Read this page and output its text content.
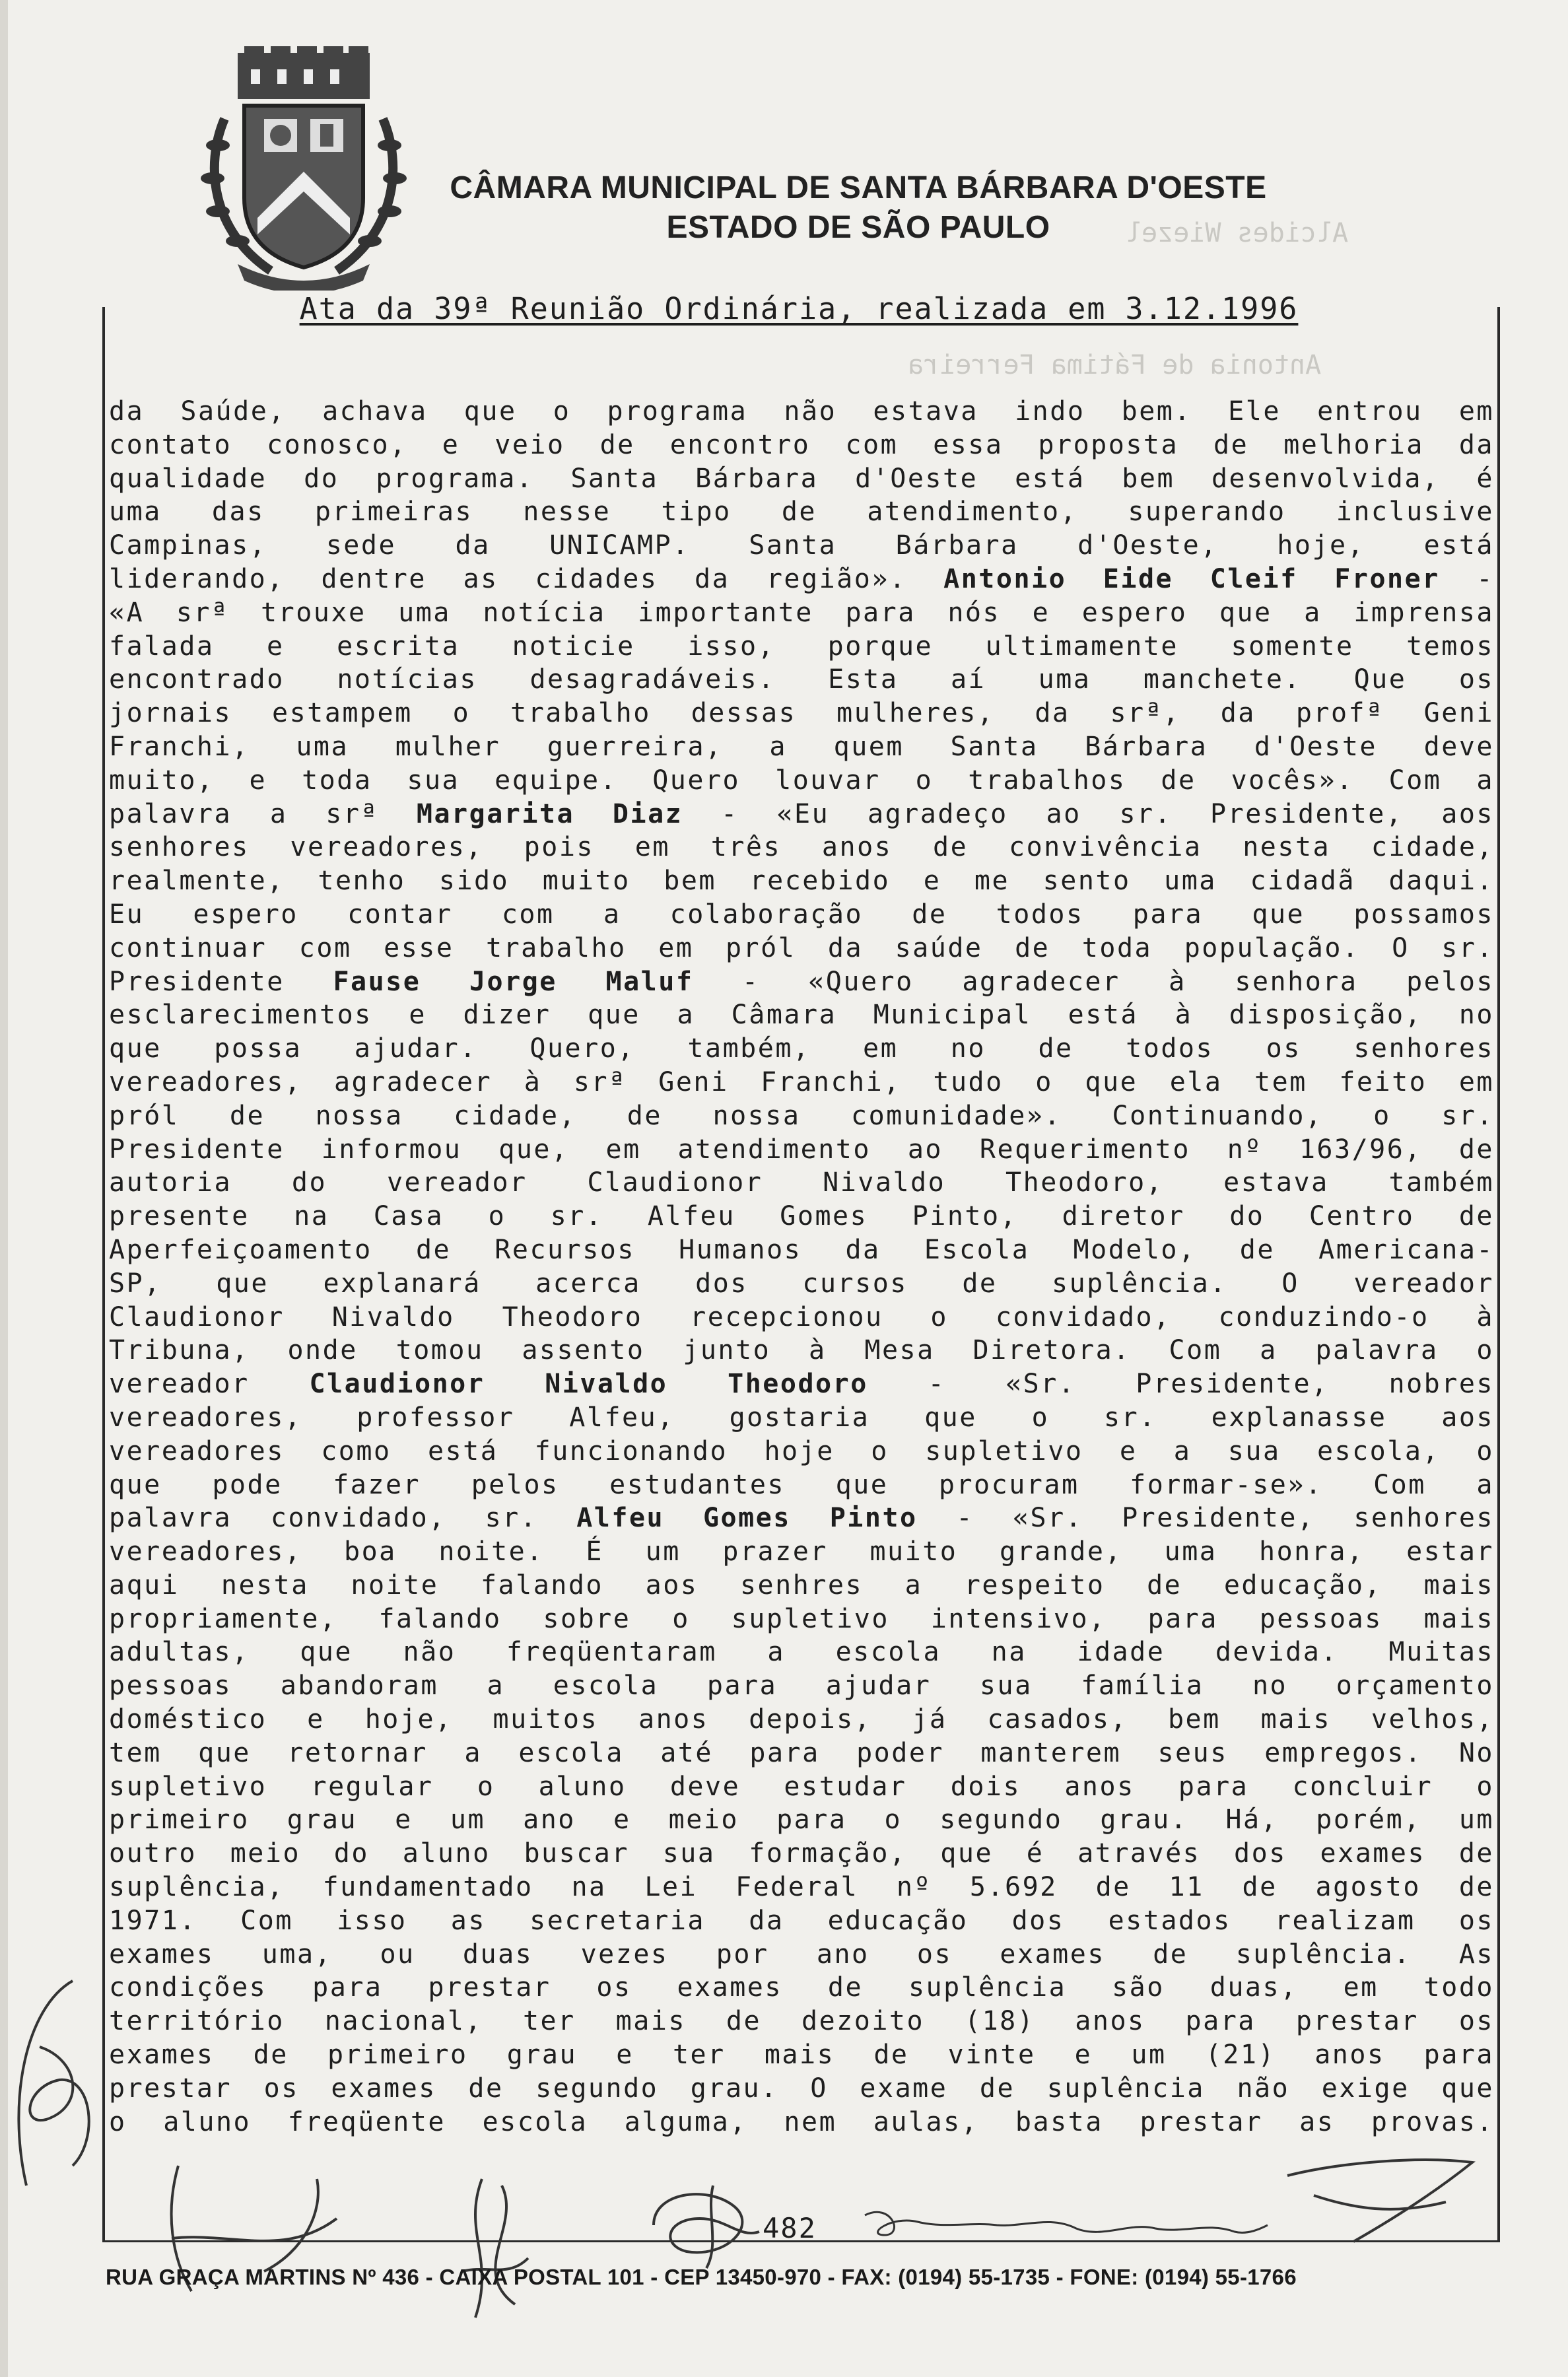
Alcides Wiezel
Antonia de Fátima Ferreira
CÂMARA MUNICIPAL DE SANTA BÁRBARA D'OESTE
ESTADO DE SÃO PAULO
Ata da 39ª Reunião Ordinária, realizada em 3.12.1996
da Saúde, achava que o programa não estava indo bem. Ele entrou em
contato conosco, e veio de encontro com essa proposta de melhoria da
qualidade do programa. Santa Bárbara d'Oeste está bem desenvolvida, é
uma das primeiras nesse tipo de atendimento, superando inclusive
Campinas, sede da UNICAMP. Santa Bárbara d'Oeste, hoje, está
liderando, dentre as cidades da região». Antonio Eide Cleif Froner -
«A srª trouxe uma notícia importante para nós e espero que a imprensa
falada e escrita noticie isso, porque ultimamente somente temos
encontrado notícias desagradáveis. Esta aí uma manchete. Que os
jornais estampem o trabalho dessas mulheres, da srª, da profª Geni
Franchi, uma mulher guerreira, a quem Santa Bárbara d'Oeste deve
muito, e toda sua equipe. Quero louvar o trabalhos de vocês». Com a
palavra a srª Margarita Diaz - «Eu agradeço ao sr. Presidente, aos
senhores vereadores, pois em três anos de convivência nesta cidade,
realmente, tenho sido muito bem recebido e me sento uma cidadã daqui.
Eu espero contar com a colaboração de todos para que possamos
continuar com esse trabalho em pról da saúde de toda população. O sr.
Presidente Fause Jorge Maluf - «Quero agradecer à senhora pelos
esclarecimentos e dizer que a Câmara Municipal está à disposição, no
que possa ajudar. Quero, também, em no de todos os senhores
vereadores, agradecer à srª Geni Franchi, tudo o que ela tem feito em
pról de nossa cidade, de nossa comunidade». Continuando, o sr.
Presidente informou que, em atendimento ao Requerimento nº 163/96, de
autoria do vereador Claudionor Nivaldo Theodoro, estava também
presente na Casa o sr. Alfeu Gomes Pinto, diretor do Centro de
Aperfeiçoamento de Recursos Humanos da Escola Modelo, de Americana-
SP, que explanará acerca dos cursos de suplência. O vereador
Claudionor Nivaldo Theodoro recepcionou o convidado, conduzindo-o à
Tribuna, onde tomou assento junto à Mesa Diretora. Com a palavra o
vereador Claudionor Nivaldo Theodoro - «Sr. Presidente, nobres
vereadores, professor Alfeu, gostaria que o sr. explanasse aos
vereadores como está funcionando hoje o supletivo e a sua escola, o
que pode fazer pelos estudantes que procuram formar-se». Com a
palavra convidado, sr. Alfeu Gomes Pinto - «Sr. Presidente, senhores
vereadores, boa noite. É um prazer muito grande, uma honra, estar
aqui nesta noite falando aos senhres a respeito de educação, mais
propriamente, falando sobre o supletivo intensivo, para pessoas mais
adultas, que não freqüentaram a escola na idade devida. Muitas
pessoas abandoram a escola para ajudar sua família no orçamento
doméstico e hoje, muitos anos depois, já casados, bem mais velhos,
tem que retornar a escola até para poder manterem seus empregos. No
supletivo regular o aluno deve estudar dois anos para concluir o
primeiro grau e um ano e meio para o segundo grau. Há, porém, um
outro meio do aluno buscar sua formação, que é através dos exames de
suplência, fundamentado na Lei Federal nº 5.692 de 11 de agosto de
1971. Com isso as secretaria da educação dos estados realizam os
exames uma, ou duas vezes por ano os exames de suplência. As
condições para prestar os exames de suplência são duas, em todo
território nacional, ter mais de dezoito (18) anos para prestar os
exames de primeiro grau e ter mais de vinte e um (21) anos para
prestar os exames de segundo grau. O exame de suplência não exige que
o aluno freqüente escola alguma, nem aulas, basta prestar as provas.
482
RUA GRAÇA MARTINS Nº 436 - CAIXA POSTAL 101 - CEP 13450-970 - FAX: (0194) 55-1735 - FONE: (0194) 55-1766
